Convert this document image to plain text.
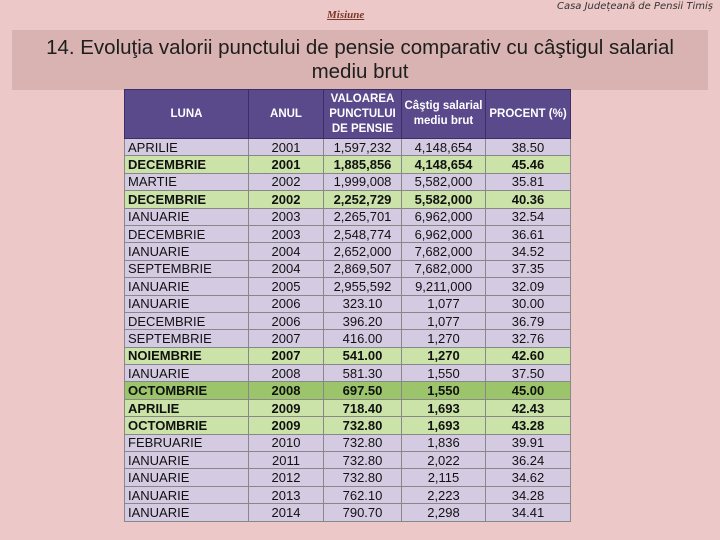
Misiune
Casa Județeană de Pensii Timiș
14. Evoluţia valorii punctului de pensie comparativ cu câştigul salarial mediu brut
LUNA	ANUL	VALOAREA PUNCTULUI DE PENSIE	Câştig salarial mediu brut	PROCENT (%)
APRILIE	2001	1,597,232	4,148,654	38.50
DECEMBRIE	2001	1,885,856	4,148,654	45.46
MARTIE	2002	1,999,008	5,582,000	35.81
DECEMBRIE	2002	2,252,729	5,582,000	40.36
IANUARIE	2003	2,265,701	6,962,000	32.54
DECEMBRIE	2003	2,548,774	6,962,000	36.61
IANUARIE	2004	2,652,000	7,682,000	34.52
SEPTEMBRIE	2004	2,869,507	7,682,000	37.35
IANUARIE	2005	2,955,592	9,211,000	32.09
IANUARIE	2006	323.10	1,077	30.00
DECEMBRIE	2006	396.20	1,077	36.79
SEPTEMBRIE	2007	416.00	1,270	32.76
NOIEMBRIE	2007	541.00	1,270	42.60
IANUARIE	2008	581.30	1,550	37.50
OCTOMBRIE	2008	697.50	1,550	45.00
APRILIE	2009	718.40	1,693	42.43
OCTOMBRIE	2009	732.80	1,693	43.28
FEBRUARIE	2010	732.80	1,836	39.91
IANUARIE	2011	732.80	2,022	36.24
IANUARIE	2012	732.80	2,115	34.62
IANUARIE	2013	762.10	2,223	34.28
IANUARIE	2014	790.70	2,298	34.41
